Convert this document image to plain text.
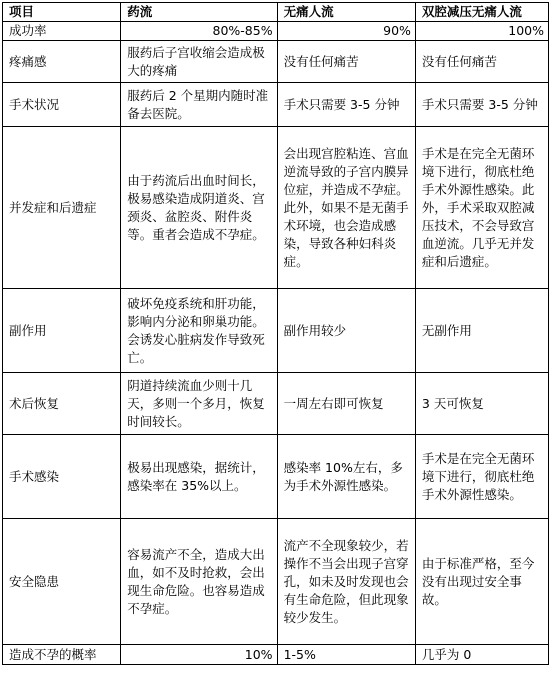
项目	药流	无痛人流	双腔减压无痛人流
成功率	80%-85%	90%	100%
疼痛感	服药后子宫收缩会造成极大的疼痛	没有任何痛苦	没有任何痛苦
手术状况	服药后 2 个星期内随时准备去医院。	手术只需要 3-5 分钟	手术只需要 3-5 分钟
并发症和后遗症	由于药流后出血时间长，极易感染造成阴道炎、宫颈炎、盆腔炎、附件炎等。重者会造成不孕症。	会出现宫腔粘连、宫血逆流导致的子宫内膜异位症，并造成不孕症。此外，如果不是无菌手术环境，也会造成感染，导致各种妇科炎症。	手术是在完全无菌环境下进行，彻底杜绝手术外源性感染。此外，手术采取双腔减压技术，不会导致宫血逆流。几乎无并发症和后遗症。
副作用	破坏免疫系统和肝功能，影响内分泌和卵巢功能。会诱发心脏病发作导致死亡。	副作用较少	无副作用
术后恢复	阴道持续流血少则十几天，多则一个多月，恢复时间较长。	一周左右即可恢复	3 天可恢复
手术感染	极易出现感染，据统计，感染率在 35%以上。	感染率 10%左右，多为手术外源性感染。	手术是在完全无菌环境下进行，彻底杜绝手术外源性感染。
安全隐患	容易流产不全，造成大出血，如不及时抢救，会出现生命危险。也容易造成不孕症。	流产不全现象较少，若操作不当会出现子宫穿孔，如未及时发现也会有生命危险，但此现象较少发生。	由于标准严格，至今没有出现过安全事故。
造成不孕的概率	10%	1-5%	几乎为 0
